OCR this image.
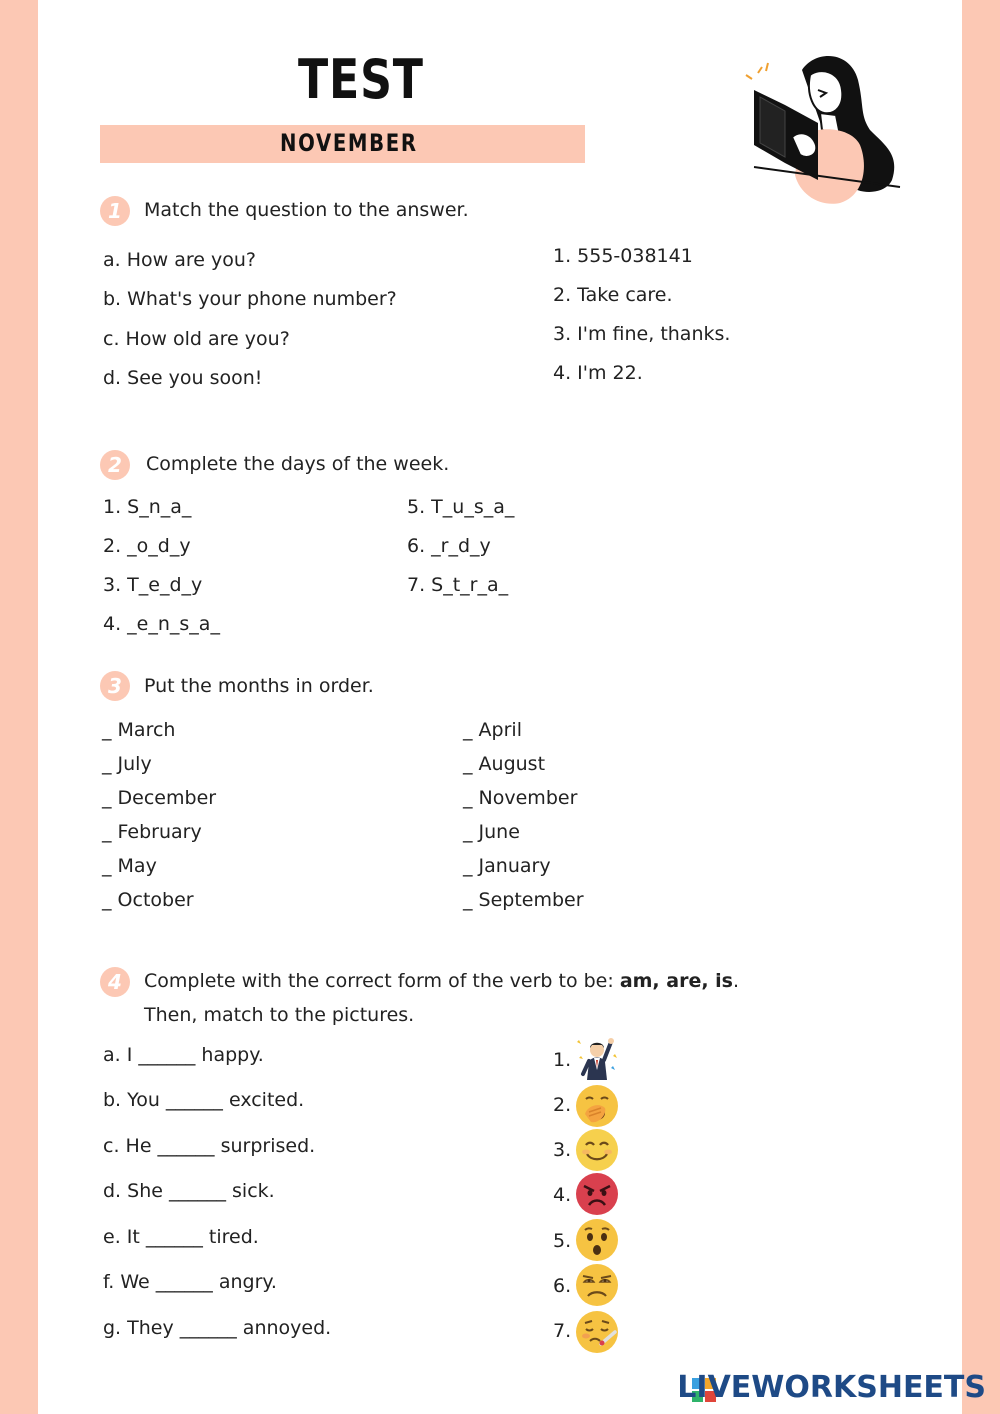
TEST
NOVEMBER
1	Match the question to the answer.
a. How are you?
b. What's your phone number?
c. How old are you?
d. See you soon!
1. 555-038141
2. Take care.
3. I'm fine, thanks.
4. I'm 22.
2	Complete the days of the week.
1. S_n_a_
2. _o_d_y
3. T_e_d_y
4. _e_n_s_a_
5. T_u_s_a_
6. _r_d_y
7. S_t_r_a_
3	Put the months in order.
_ March
_ July
_ December
_ February
_ May
_ October
_ April
_ August
_ November
_ June
_ January
_ September
4	Complete with the correct form of the verb to be: am, are, is.
Then, match to the pictures.
a. I ______ happy.
b. You ______ excited.
c. He ______ surprised.
d. She ______ sick.
e. It ______ tired.
f. We ______ angry.
g. They ______ annoyed.
1.
2.
3.
4.
5.
6.
7.
LIVEWORKSHEETS
